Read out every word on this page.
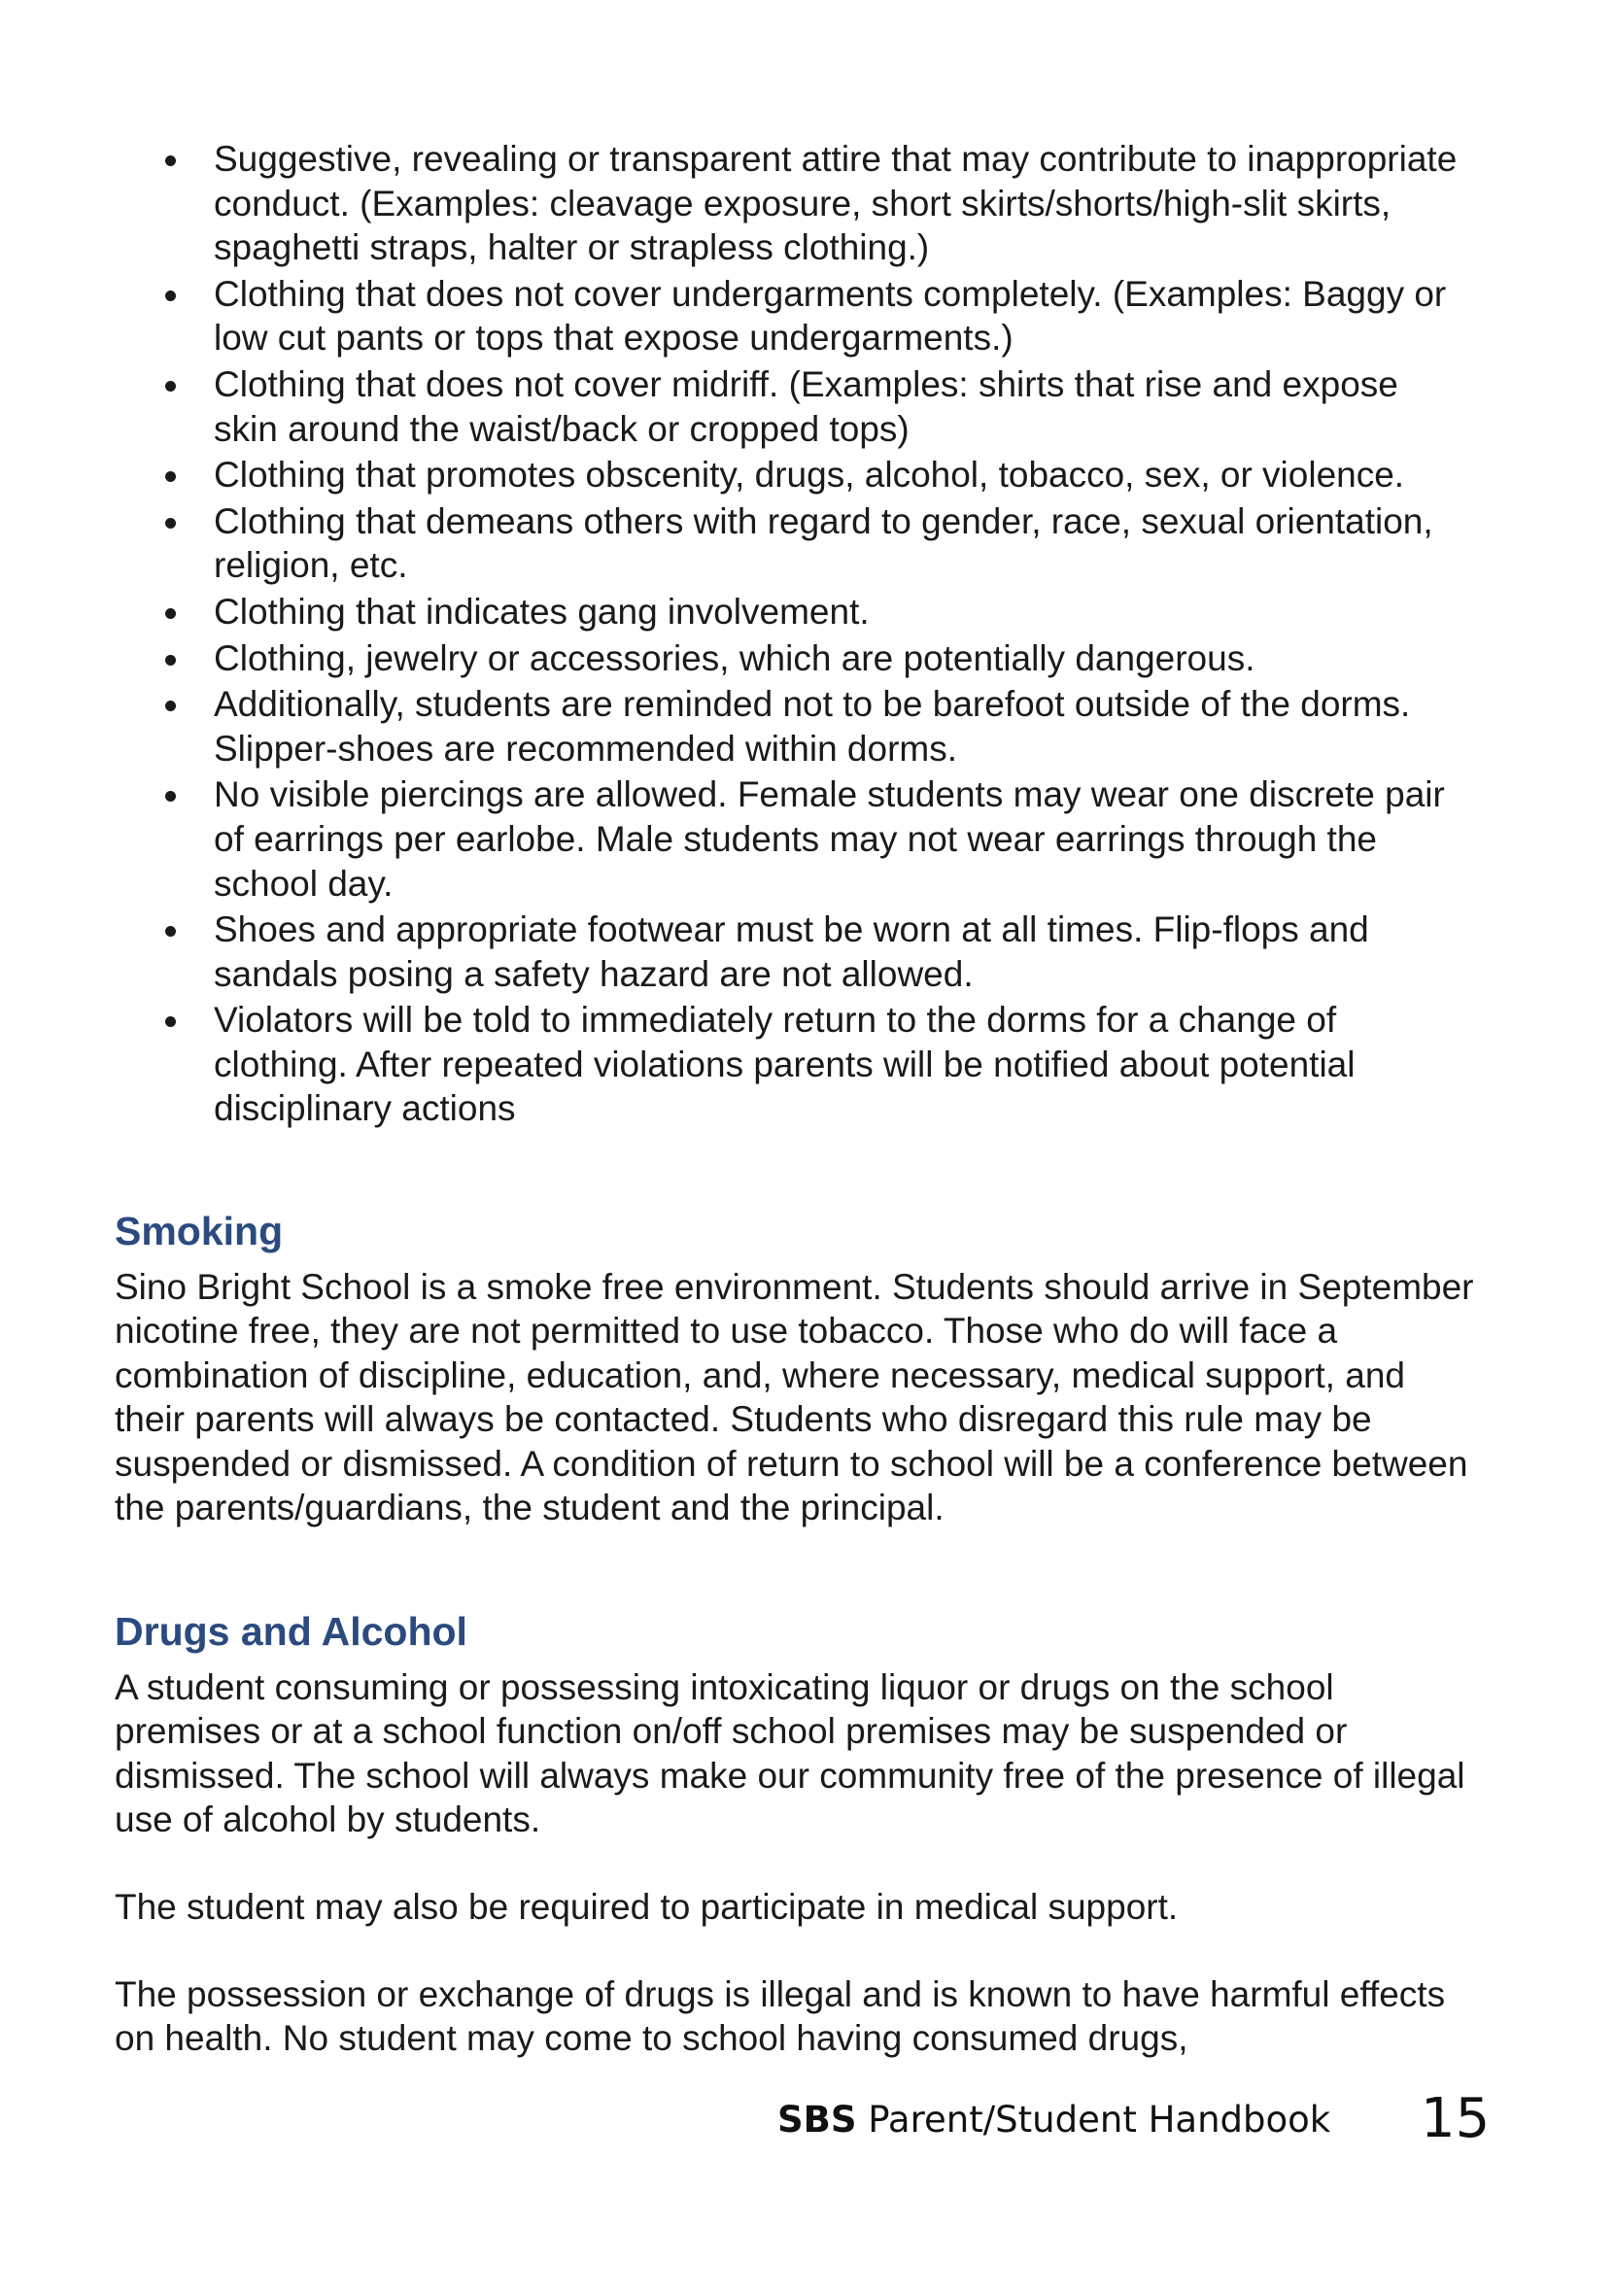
Suggestive, revealing or transparent attire that may contribute to inappropriate conduct. (Examples: cleavage exposure, short skirts/shorts/high-slit skirts, spaghetti straps, halter or strapless clothing.)
Clothing that does not cover undergarments completely. (Examples: Baggy or low cut pants or tops that expose undergarments.)
Clothing that does not cover midriff. (Examples: shirts that rise and expose skin around the waist/back or cropped tops)
Clothing that promotes obscenity, drugs, alcohol, tobacco, sex, or violence.
Clothing that demeans others with regard to gender, race, sexual orientation, religion, etc.
Clothing that indicates gang involvement.
Clothing, jewelry or accessories, which are potentially dangerous.
Additionally, students are reminded not to be barefoot outside of the dorms. Slipper-shoes are recommended within dorms.
No visible piercings are allowed. Female students may wear one discrete pair of earrings per earlobe. Male students may not wear earrings through the school day.
Shoes and appropriate footwear must be worn at all times. Flip-flops and sandals posing a safety hazard are not allowed.
Violators will be told to immediately return to the dorms for a change of clothing. After repeated violations parents will be notified about potential disciplinary actions
Smoking

Sino Bright School is a smoke free environment. Students should arrive in September nicotine free, they are not permitted to use tobacco. Those who do will face a combination of discipline, education, and, where necessary, medical support, and their parents will always be contacted. Students who disregard this rule may be suspended or dismissed. A condition of return to school will be a conference between the parents/guardians, the student and the principal.

Drugs and Alcohol

A student consuming or possessing intoxicating liquor or drugs on the school premises or at a school function on/off school premises may be suspended or dismissed. The school will always make our community free of the presence of illegal use of alcohol by students.

The student may also be required to participate in medical support.

The possession or exchange of drugs is illegal and is known to have harmful effects on health. No student may come to school having consumed drugs,

SBS Parent/Student Handbook 15
